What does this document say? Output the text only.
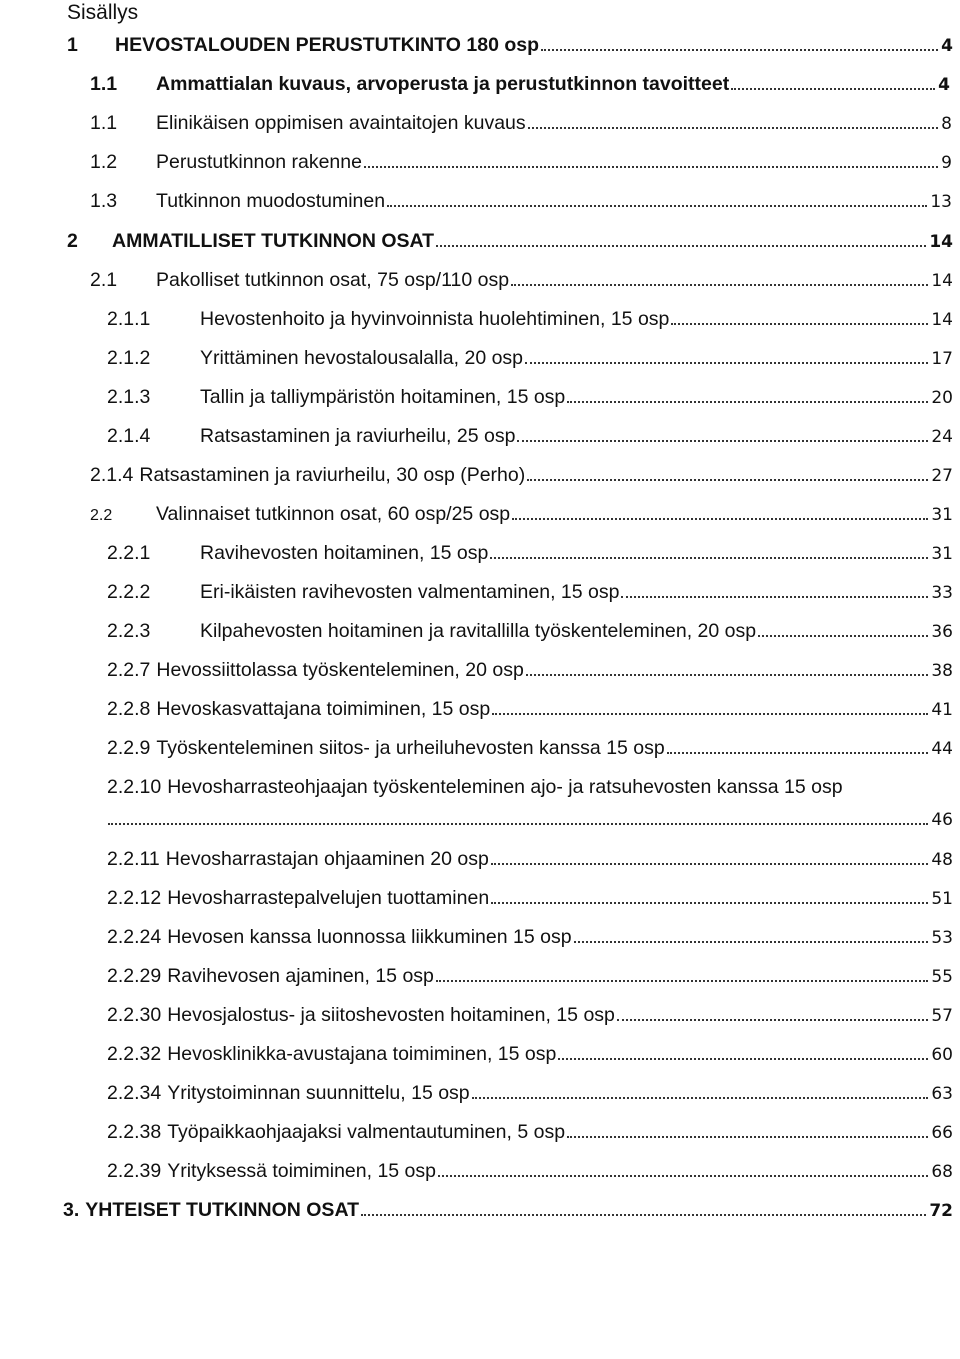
Sisällys
1	HEVOSTALOUDEN PERUSTUTKINTO 180 osp	4
1.1	Ammattialan kuvaus, arvoperusta ja perustutkinnon tavoitteet	4
1.1	Elinikäisen oppimisen avaintaitojen kuvaus	8
1.2	Perustutkinnon rakenne	9
1.3	Tutkinnon muodostuminen	13
2	AMMATILLISET TUTKINNON OSAT	14
2.1	Pakolliset tutkinnon osat, 75 osp/110 osp	14
2.1.1	Hevostenhoito ja hyvinvoinnista huolehtiminen, 15 osp	14
2.1.2	Yrittäminen hevostalousalalla, 20 osp	17
2.1.3	Tallin ja talliympäristön hoitaminen, 15 osp	20
2.1.4	Ratsastaminen ja raviurheilu, 25 osp	24
2.1.4 Ratsastaminen ja raviurheilu, 30 osp (Perho)	27
2.2	Valinnaiset tutkinnon osat, 60 osp/25 osp	31
2.2.1	Ravihevosten hoitaminen, 15 osp	31
2.2.2	Eri-ikäisten ravihevosten valmentaminen, 15 osp	33
2.2.3	Kilpahevosten hoitaminen ja ravitallilla työskenteleminen, 20 osp	36
2.2.7 Hevossiittolassa työskenteleminen, 20 osp	38
2.2.8 Hevoskasvattajana toimiminen, 15 osp	41
2.2.9 Työskenteleminen siitos- ja urheiluhevosten kanssa 15 osp	44
2.2.10 Hevosharrasteohjaajan työskenteleminen ajo- ja ratsuhevosten kanssa 15 osp
46
2.2.11 Hevosharrastajan ohjaaminen 20 osp	48
2.2.12 Hevosharrastepalvelujen tuottaminen	51
2.2.24 Hevosen kanssa luonnossa liikkuminen 15 osp	53
2.2.29 Ravihevosen ajaminen, 15 osp	55
2.2.30 Hevosjalostus- ja siitoshevosten hoitaminen, 15 osp	57
2.2.32 Hevosklinikka-avustajana toimiminen, 15 osp	60
2.2.34 Yritystoiminnan suunnittelu, 15 osp	63
2.2.38 Työpaikkaohjaajaksi valmentautuminen, 5 osp	66
2.2.39 Yrityksessä toimiminen, 15 osp	68
3. YHTEISET TUTKINNON OSAT	72
